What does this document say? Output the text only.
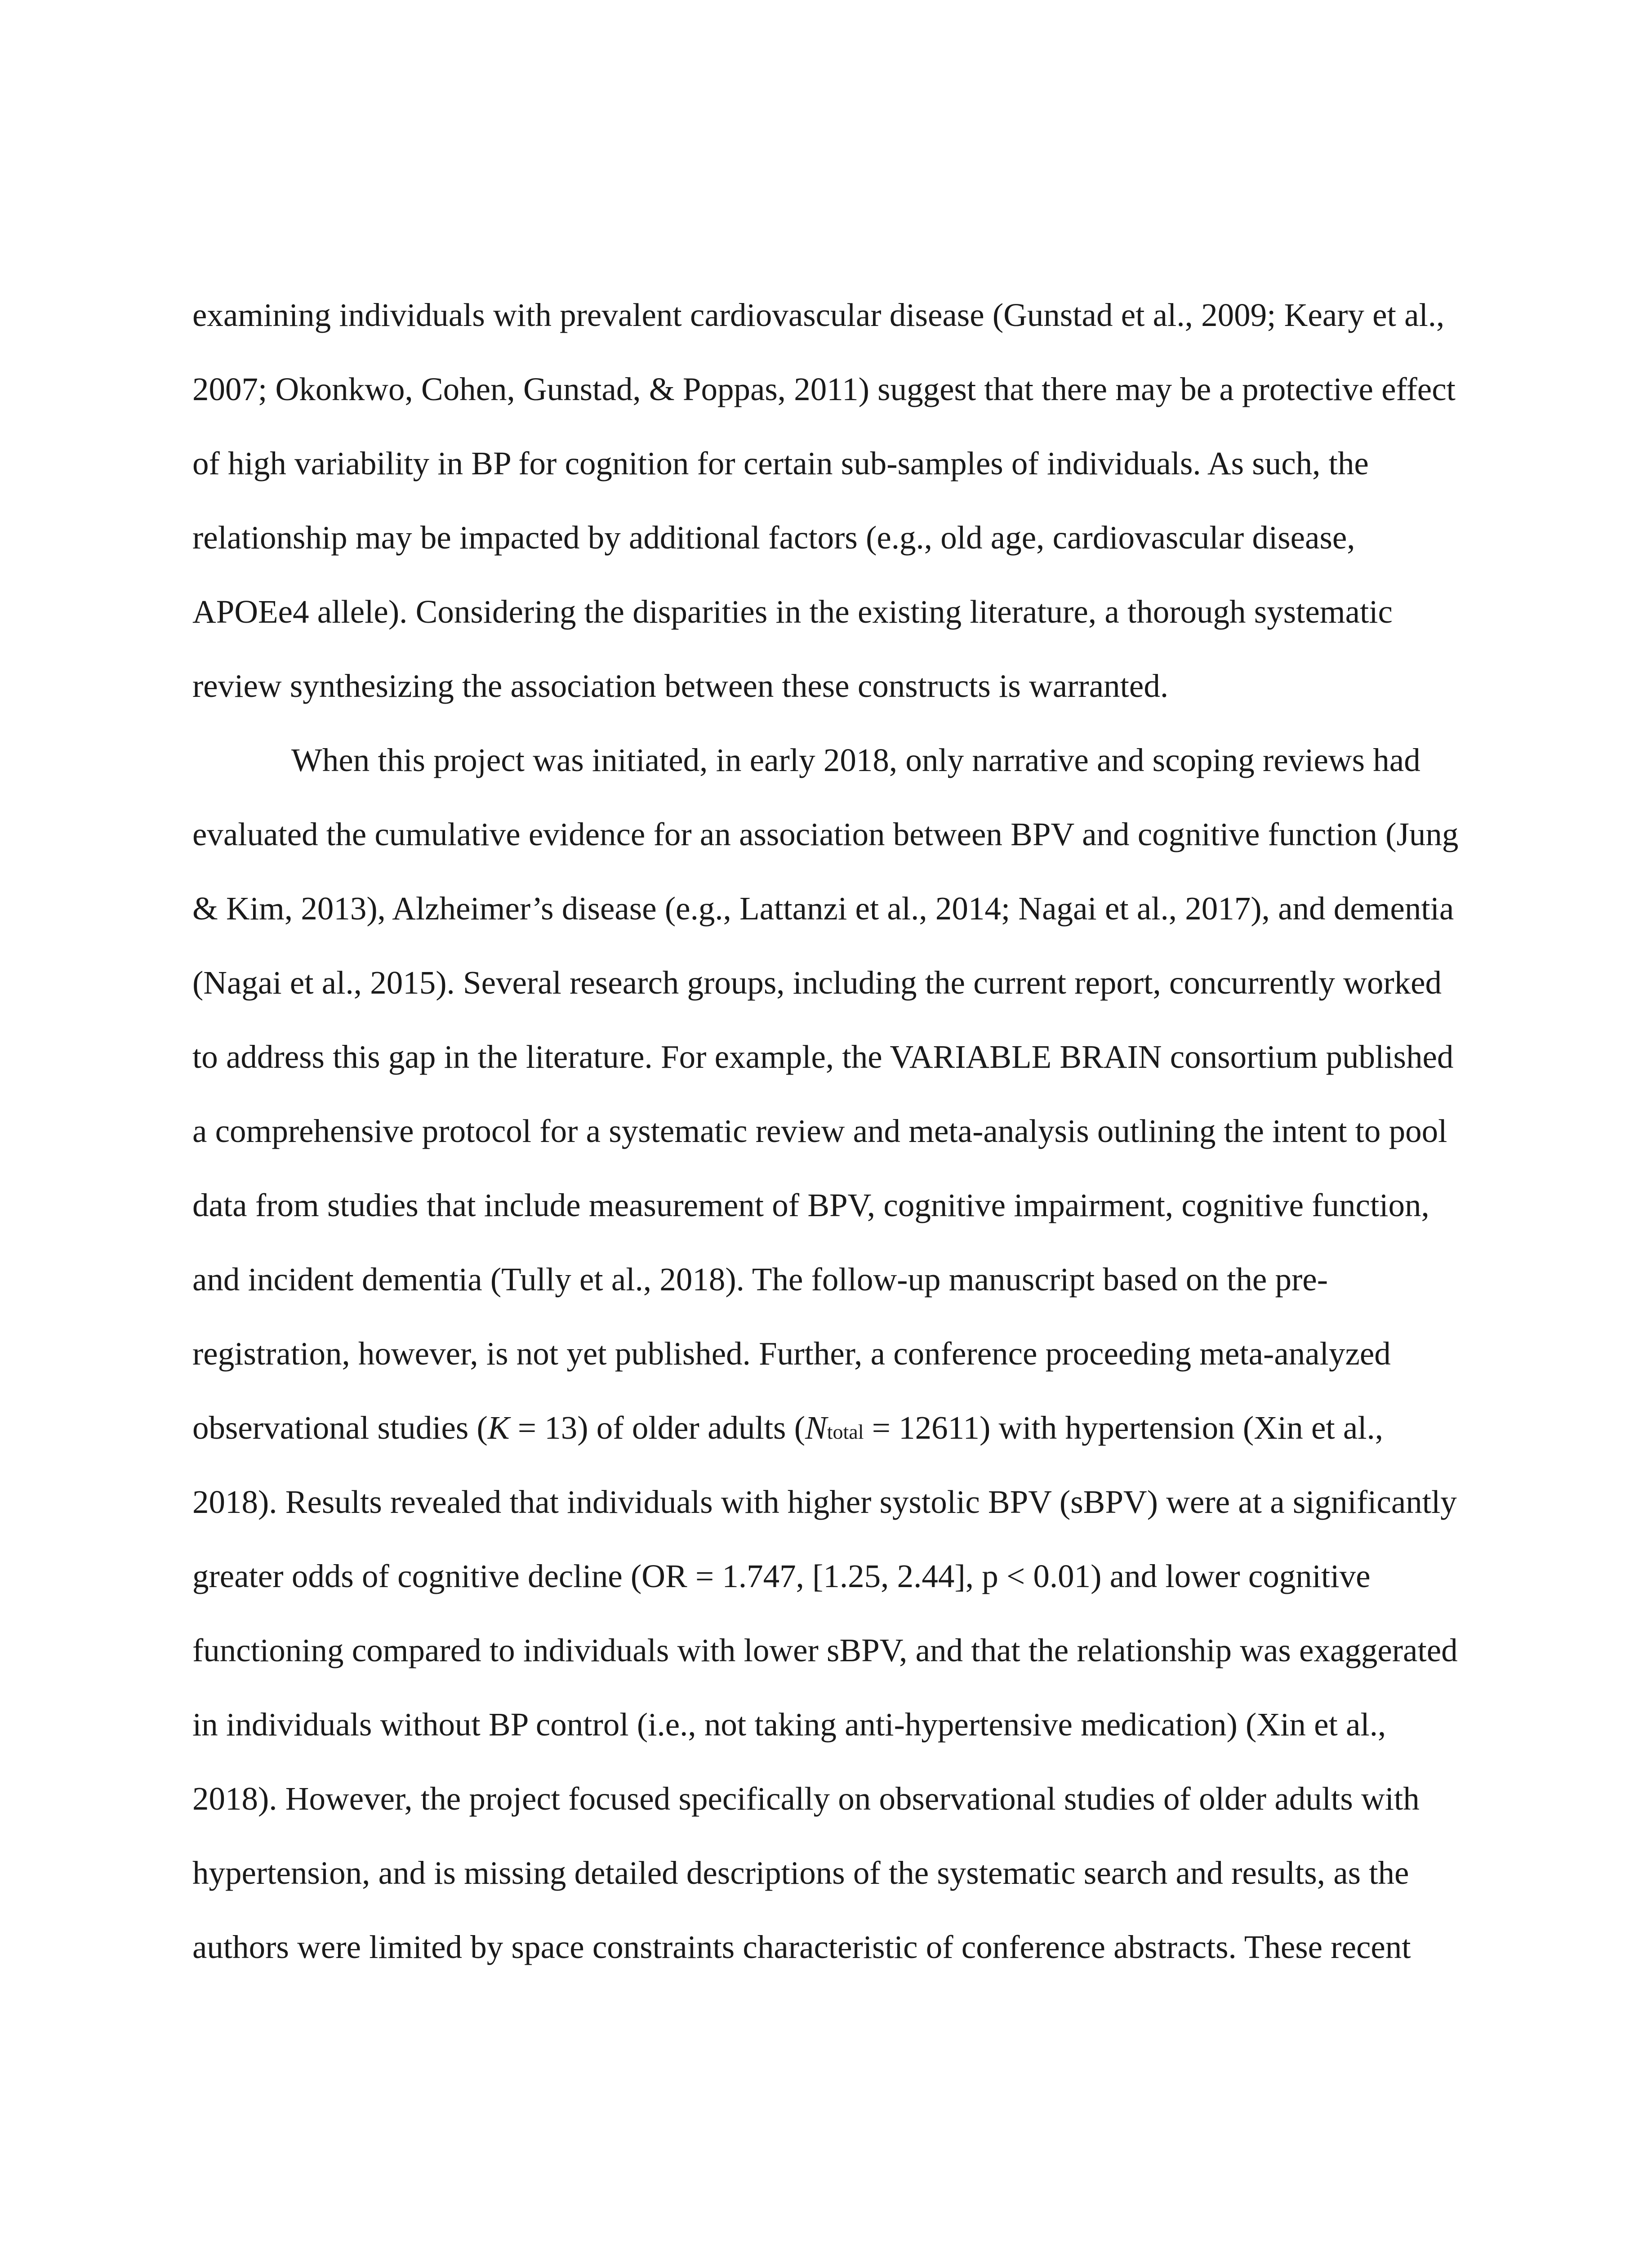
examining individuals with prevalent cardiovascular disease (Gunstad et al., 2009; Keary et al.,
2007; Okonkwo, Cohen, Gunstad, & Poppas, 2011) suggest that there may be a protective effect
of high variability in BP for cognition for certain sub-samples of individuals. As such, the
relationship may be impacted by additional factors (e.g., old age, cardiovascular disease,
APOEe4 allele). Considering the disparities in the existing literature, a thorough systematic
review synthesizing the association between these constructs is warranted.

When this project was initiated, in early 2018, only narrative and scoping reviews had
evaluated the cumulative evidence for an association between BPV and cognitive function (Jung
& Kim, 2013), Alzheimer’s disease (e.g., Lattanzi et al., 2014; Nagai et al., 2017), and dementia
(Nagai et al., 2015). Several research groups, including the current report, concurrently worked
to address this gap in the literature. For example, the VARIABLE BRAIN consortium published
a comprehensive protocol for a systematic review and meta-analysis outlining the intent to pool
data from studies that include measurement of BPV, cognitive impairment, cognitive function,
and incident dementia (Tully et al., 2018). The follow-up manuscript based on the pre-
registration, however, is not yet published. Further, a conference proceeding meta-analyzed
observational studies (K = 13) of older adults (Ntotal = 12611) with hypertension (Xin et al.,
2018). Results revealed that individuals with higher systolic BPV (sBPV) were at a significantly
greater odds of cognitive decline (OR = 1.747, [1.25, 2.44], p < 0.01) and lower cognitive
functioning compared to individuals with lower sBPV, and that the relationship was exaggerated
in individuals without BP control (i.e., not taking anti-hypertensive medication) (Xin et al.,
2018). However, the project focused specifically on observational studies of older adults with
hypertension, and is missing detailed descriptions of the systematic search and results, as the
authors were limited by space constraints characteristic of conference abstracts. These recent
